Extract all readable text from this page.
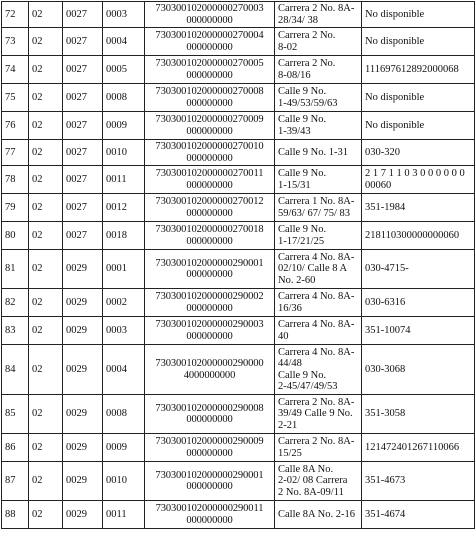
72	02	0027	0003	730300102000000270003
000000000	Carrera 2 No. 8A-
28/34/ 38	No disponible

73	02	0027	0004	730300102000000270004
000000000	Carrera 2 No.
8-02	No disponible

74	02	0027	0005	730300102000000270005
000000000	Carrera 2 No.
8-08/16	111697612892000068

75	02	0027	0008	730300102000000270008
000000000	Calle 9 No.
1-49/53/59/63	No disponible

76	02	0027	0009	730300102000000270009
000000000	Calle 9 No.
1-39/43	No disponible

77	02	0027	0010	730300102000000270010
000000000	Calle 9 No. 1-31	030-320

78	02	0027	0011	730300102000000270011
000000000	Calle 9 No.
1-15/31	2 1 7 1 1 0 3 0 0 0 0 0 0
00060

79	02	0027	0012	730300102000000270012
000000000	Carrera 1 No. 8A-
59/63/ 67/ 75/ 83	351-1984

80	02	0027	0018	730300102000000270018
000000000	Calle 9 No.
1-17/21/25	218110300000000060

81	02	0029	0001	730300102000000290001
000000000	Carrera 4 No. 8A-
02/10/ Calle 8 A
No. 2-60	030-4715-

82	02	0029	0002	730300102000000290002
000000000	Carrera 4 No. 8A-
16/36	030-6316

83	02	0029	0003	730300102000000290003
000000000	Carrera 4 No. 8A-
40	351-10074

84	02	0029	0004	730300102000000290000
4000000000	Carrera 4 No. 8A-
44/48
Calle 9 No.
2-45/47/49/53	030-3068

85	02	0029	0008	730300102000000290008
000000000	Carrera 2 No. 8A-
39/49 Calle 9 No.
2-21	351-3058

86	02	0029	0009	730300102000000290009
000000000	Carrera 2 No. 8A-
15/25	121472401267110066

87	02	0029	0010	730300102000000290001
000000000	Calle 8A No.
2-02/ 08 Carrera
2 No. 8A-09/11	351-4673

88	02	0029	0011	730300102000000290011
000000000	Calle 8A No. 2-16	351-4674
